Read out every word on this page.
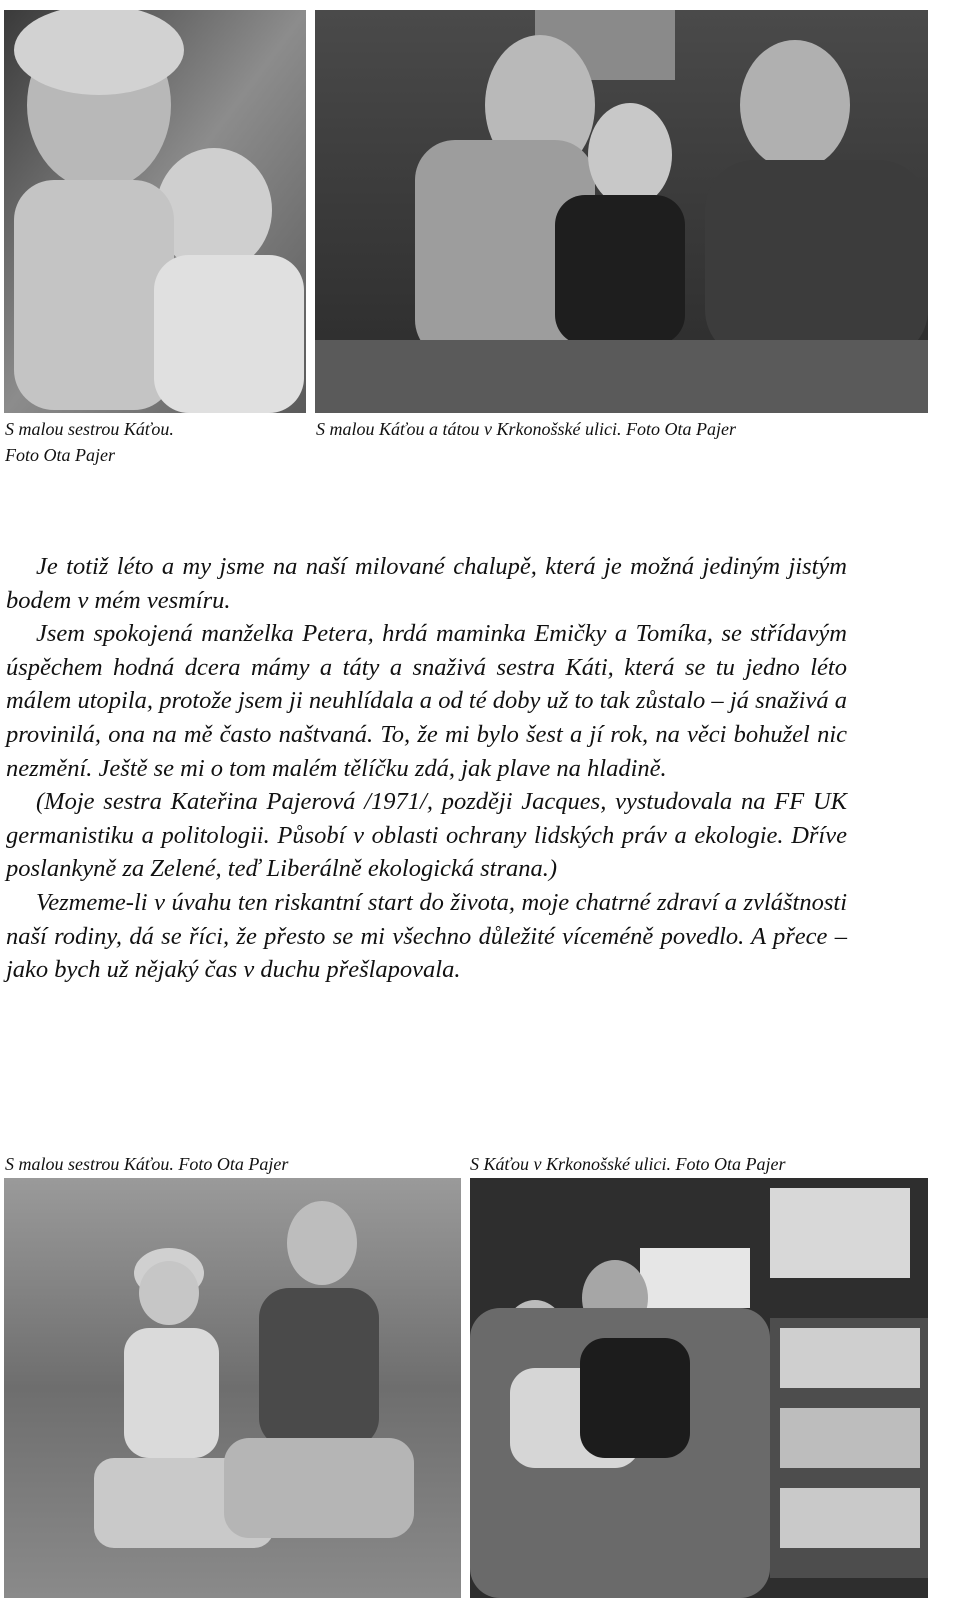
S malou sestrou Káťou.
Foto Ota Pajer

S malou Káťou a tátou v Krkonošské ulici. Foto Ota Pajer

Je totiž léto a my jsme na naší milované chalupě, která je možná jediným jistým bodem v mém vesmíru.

Jsem spokojená manželka Petera, hrdá maminka Emičky a Tomíka, se střídavým úspěchem hodná dcera mámy a táty a snaživá sestra Káti, která se tu jedno léto málem utopila, protože jsem ji neuhlídala a od té doby už to tak zůstalo – já snaživá a provinilá, ona na mě často naštvaná. To, že mi bylo šest a jí rok, na věci bohužel nic nezmění. Ještě se mi o tom malém tělíčku zdá, jak plave na hladině.

(Moje sestra Kateřina Pajerová /1971/, později Jacques, vystudovala na FF UK germanistiku a politologii. Působí v oblasti ochrany lidských práv a ekologie. Dříve poslankyně za Zelené, teď Liberálně ekologická strana.)

Vezmeme-li v úvahu ten riskantní start do života, moje chatrné zdraví a zvláštnosti naší rodiny, dá se říci, že přesto se mi všechno důležité víceméně povedlo. A přece – jako bych už nějaký čas v duchu přešlapovala.

S malou sestrou Káťou. Foto Ota Pajer	S Káťou v Krkonošské ulici. Foto Ota Pajer
